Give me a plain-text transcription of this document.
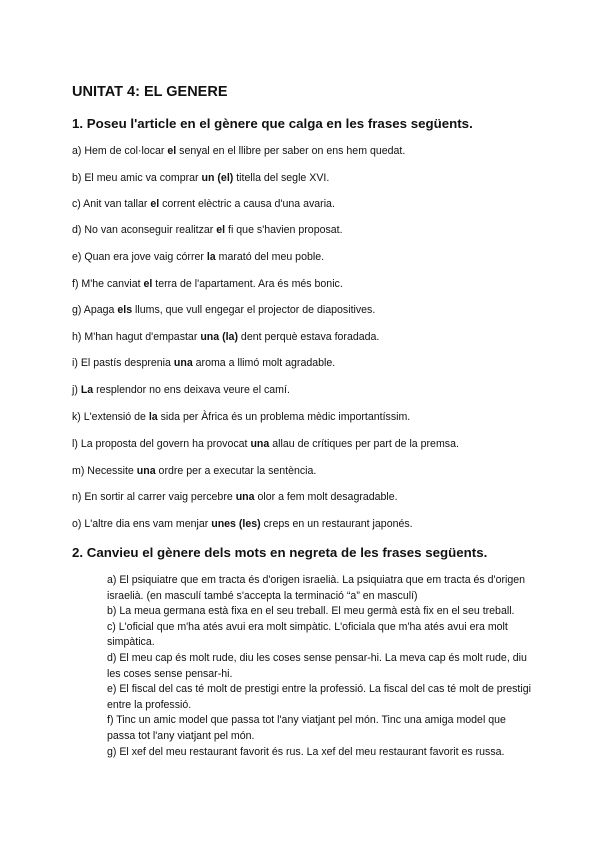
UNITAT 4: EL GENERE
1. Poseu l'article en el gènere que calga en les frases següents.
a) Hem de col·locar el senyal en el llibre per saber on ens hem quedat.
b) El meu amic va comprar un (el) titella del segle XVI.
c) Anit van tallar el corrent elèctric a causa d'una avaria.
d) No van aconseguir realitzar el fi que s'havien proposat.
e) Quan era jove vaig córrer la marató del meu poble.
f) M'he canviat el terra de l'apartament. Ara és més bonic.
g) Apaga els llums, que vull engegar el projector de diapositives.
h) M'han hagut d'empastar una (la) dent perquè estava foradada.
i) El pastís desprenia una aroma a llimó molt agradable.
j) La resplendor no ens deixava veure el camí.
k) L'extensió de la sida per Àfrica és un problema mèdic importantíssim.
l) La proposta del govern ha provocat una allau de crítiques per part de la premsa.
m) Necessite una ordre per a executar la sentència.
n) En sortir al carrer vaig percebre una olor a fem molt desagradable.
o) L'altre dia ens vam menjar unes (les) creps en un restaurant japonés.
2. Canvieu el gènere dels mots en negreta de les frases següents.

a) El psiquiatre que em tracta és d'origen israelià. La psiquiatra que em tracta és d'origen israelià. (en masculí també s'accepta la terminació “a” en masculí)

b) La meua germana està fixa en el seu treball. El meu germà està fix en el seu treball.

c) L'oficial que m'ha atés avui era molt simpàtic. L'oficiala que m'ha atés avui era molt simpàtica.

d) El meu cap és molt rude, diu les coses sense pensar-hi. La meva cap és molt rude, diu les coses sense pensar-hi.

e) El fiscal del cas té molt de prestigi entre la professió. La fiscal del cas té molt de prestigi entre la professió.

f) Tinc un amic model que passa tot l'any viatjant pel món. Tinc una amiga model que passa tot l'any viatjant pel món.

g) El xef del meu restaurant favorit és rus. La xef del meu restaurant favorit es russa.
